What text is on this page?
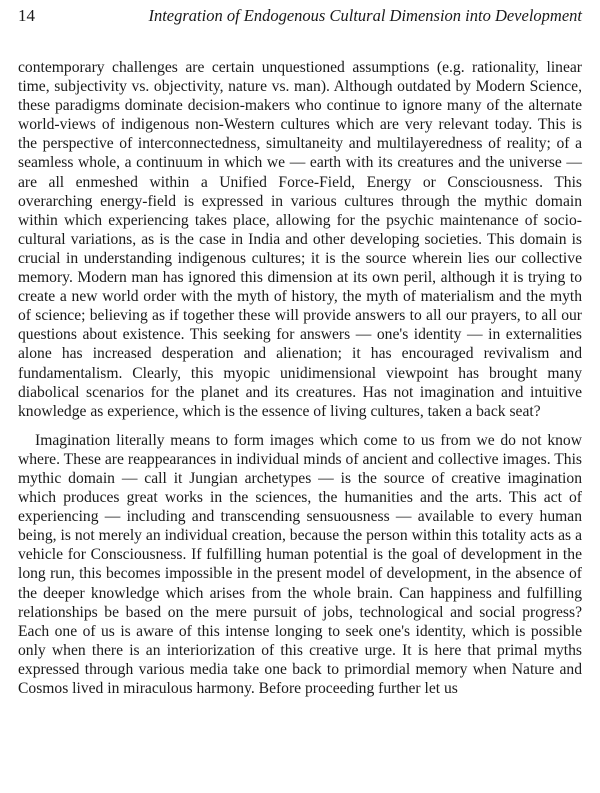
14	Integration of Endogenous Cultural Dimension into Development

contemporary challenges are certain unquestioned assumptions (e.g. rationality, linear time, subjectivity vs. objectivity, nature vs. man). Although outdated by Modern Science, these paradigms dominate decision-makers who continue to ignore many of the alternate world-views of indigenous non-Western cultures which are very relevant today. This is the perspective of interconnectedness, simultaneity and multilayeredness of reality; of a seamless whole, a continuum in which we — earth with its creatures and the universe — are all enmeshed within a Unified Force-Field, Energy or Consciousness. This overarching energy-field is expressed in various cultures through the mythic domain within which experiencing takes place, allowing for the psychic maintenance of socio-cultural variations, as is the case in India and other developing societies. This domain is crucial in understanding indigenous cultures; it is the source wherein lies our collective memory. Modern man has ignored this dimension at its own peril, although it is trying to create a new world order with the myth of history, the myth of materialism and the myth of science; believing as if together these will provide answers to all our prayers, to all our questions about existence. This seeking for answers — one's identity — in externalities alone has increased desperation and alienation; it has encouraged revivalism and fundamentalism. Clearly, this myopic unidimensional viewpoint has brought many diabolical scenarios for the planet and its creatures. Has not imagination and intuitive knowledge as experience, which is the essence of living cultures, taken a back seat?

Imagination literally means to form images which come to us from we do not know where. These are reappearances in individual minds of ancient and collective images. This mythic domain — call it Jungian archetypes — is the source of creative imagination which produces great works in the sciences, the humanities and the arts. This act of experiencing — including and transcending sensuousness — available to every human being, is not merely an individual creation, because the person within this totality acts as a vehicle for Consciousness. If fulfilling human potential is the goal of development in the long run, this becomes impossible in the present model of development, in the absence of the deeper knowledge which arises from the whole brain. Can happiness and fulfilling relationships be based on the mere pursuit of jobs, technological and social progress? Each one of us is aware of this intense longing to seek one's identity, which is possible only when there is an interiorization of this creative urge. It is here that primal myths expressed through various media take one back to primordial memory when Nature and Cosmos lived in miraculous harmony. Before proceeding further let us
